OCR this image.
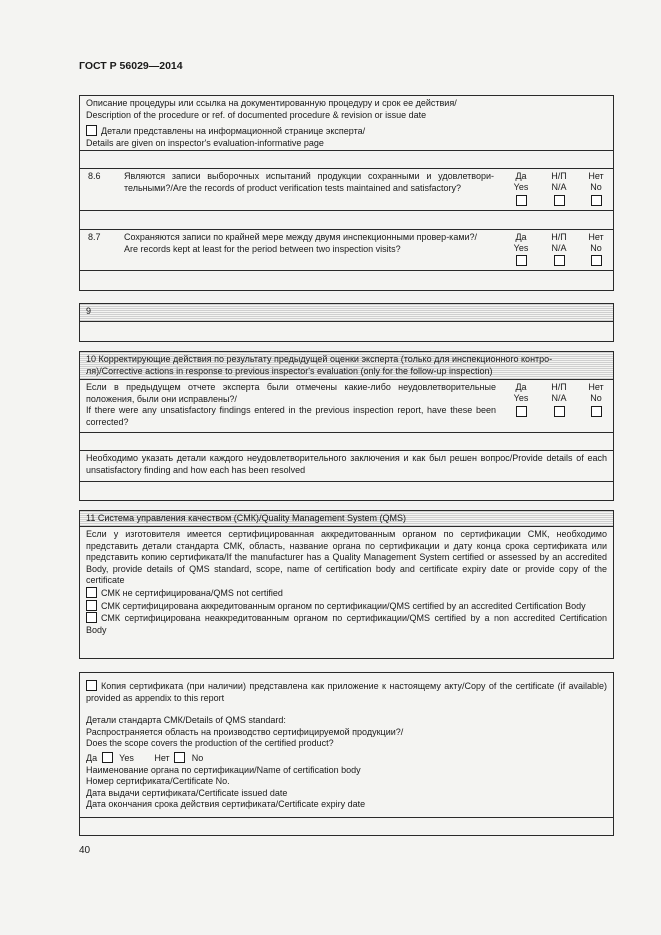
ГОСТ Р 56029—2014

Описание процедуры или ссылка на документированную процедуру и срок ее действия/

Description of the procedure or ref. of documented procedure & revision or issue date

Детали представлены на информационной странице эксперта/

Details are given on inspector's evaluation-informative page

8.6	Являются записи выборочных испытаний продукции сохранными и удовлетвори-тельными?/Are the records of product verification tests maintained and satisfactory?
Да
Yes
Н/П
N/A
Нет
No
8.7	Сохраняются записи по крайней мере между двумя инспекционными провер-ками?/
Are records kept at least for the period between two inspection visits?
Да
Yes
Н/П
N/A
Нет
No
9
10 Корректирующие действия по результату предыдущей оценки эксперта (только для инспекционного контро-ля)/Corrective actions in response to previous inspector's evaluation (only for the follow-up inspection)
Если в предыдущем отчете эксперта были отмечены какие-либо неудовлетворительные положения, были они исправлены?/
If there were any unsatisfactory findings entered in the previous inspection report, have these been corrected?
Да
Yes
Н/П
N/A
Нет
No
Необходимо указать детали каждого неудовлетворительного заключения и как был решен вопрос/Provide details of each unsatisfactory finding and how each has been resolved
11 Система управления качеством (СМК)/Quality Management System (QMS)

Если у изготовителя имеется сертифицированная аккредитованным органом по сертификации СМК, необходимо представить детали стандарта СМК, область, название органа по сертификации и дату конца срока сертификата или представить копию сертификата/If the manufacturer has a Quality Management System certified or assessed by an accredited Body, provide details of QMS standard, scope, name of certification body and certificate expiry date or provide copy of the certificate

СМК не сертифицирована/QMS not certified

СМК сертифицирована аккредитованным органом по сертификации/QMS certified by an accredited Certification Body

СМК сертифицирована неаккредитованным органом по сертификации/QMS certified by a non accredited Certification Body

Копия сертификата (при наличии) представлена как приложение к настоящему акту/Copy of the certificate (if available) provided as appendix to this report

Детали стандарта СМК/Details of QMS standard:

Распространяется область на производство сертифицируемой продукции?/

Does the scope covers the production of the certified product?

Да Yes Нет No

Наименование органа по сертификации/Name of certification body

Номер сертификата/Certificate No.

Дата выдачи сертификата/Certificate issued date

Дата окончания срока действия сертификата/Certificate expiry date

40
